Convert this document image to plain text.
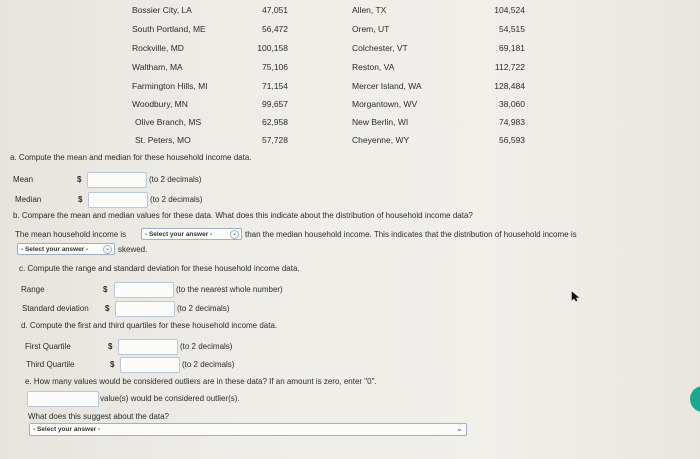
Bossier City, LA	47,051	Allen, TX	104,524
South Portland, ME	56,472	Orem, UT	54,515
Rockville, MD	100,158	Colchester, VT	69,181
Waltham, MA	75,106	Reston, VA	112,722
Farmington Hills, MI	71,154	Mercer Island, WA	128,484
Woodbury, MN	99,657	Morgantown, WV	38,060
Olive Branch, MS	62,958	New Berlin, WI	74,983
St. Peters, MO	57,728	Cheyenne, WY	56,593
a. Compute the mean and median for these household income data.
Mean	$	(to 2 decimals)
Median	$	(to 2 decimals)
b. Compare the mean and median values for these data. What does this indicate about the distribution of household income data?
The mean household income is	- Select your answer -	⌄ than the median household income. This indicates that the distribution of household income is
- Select your answer -	⌄ skewed.
c. Compute the range and standard deviation for these household income data.
Range	$	(to the nearest whole number)
Standard deviation $	(to 2 decimals)
d. Compute the first and third quartiles for these household income data.
First Quartile	$	(to 2 decimals)
Third Quartile	$	(to 2 decimals)
e. How many values would be considered outliers are in these data? If an amount is zero, enter "0".
value(s) would be considered outlier(s).
What does this suggest about the data?
- Select your answer -	⌄
